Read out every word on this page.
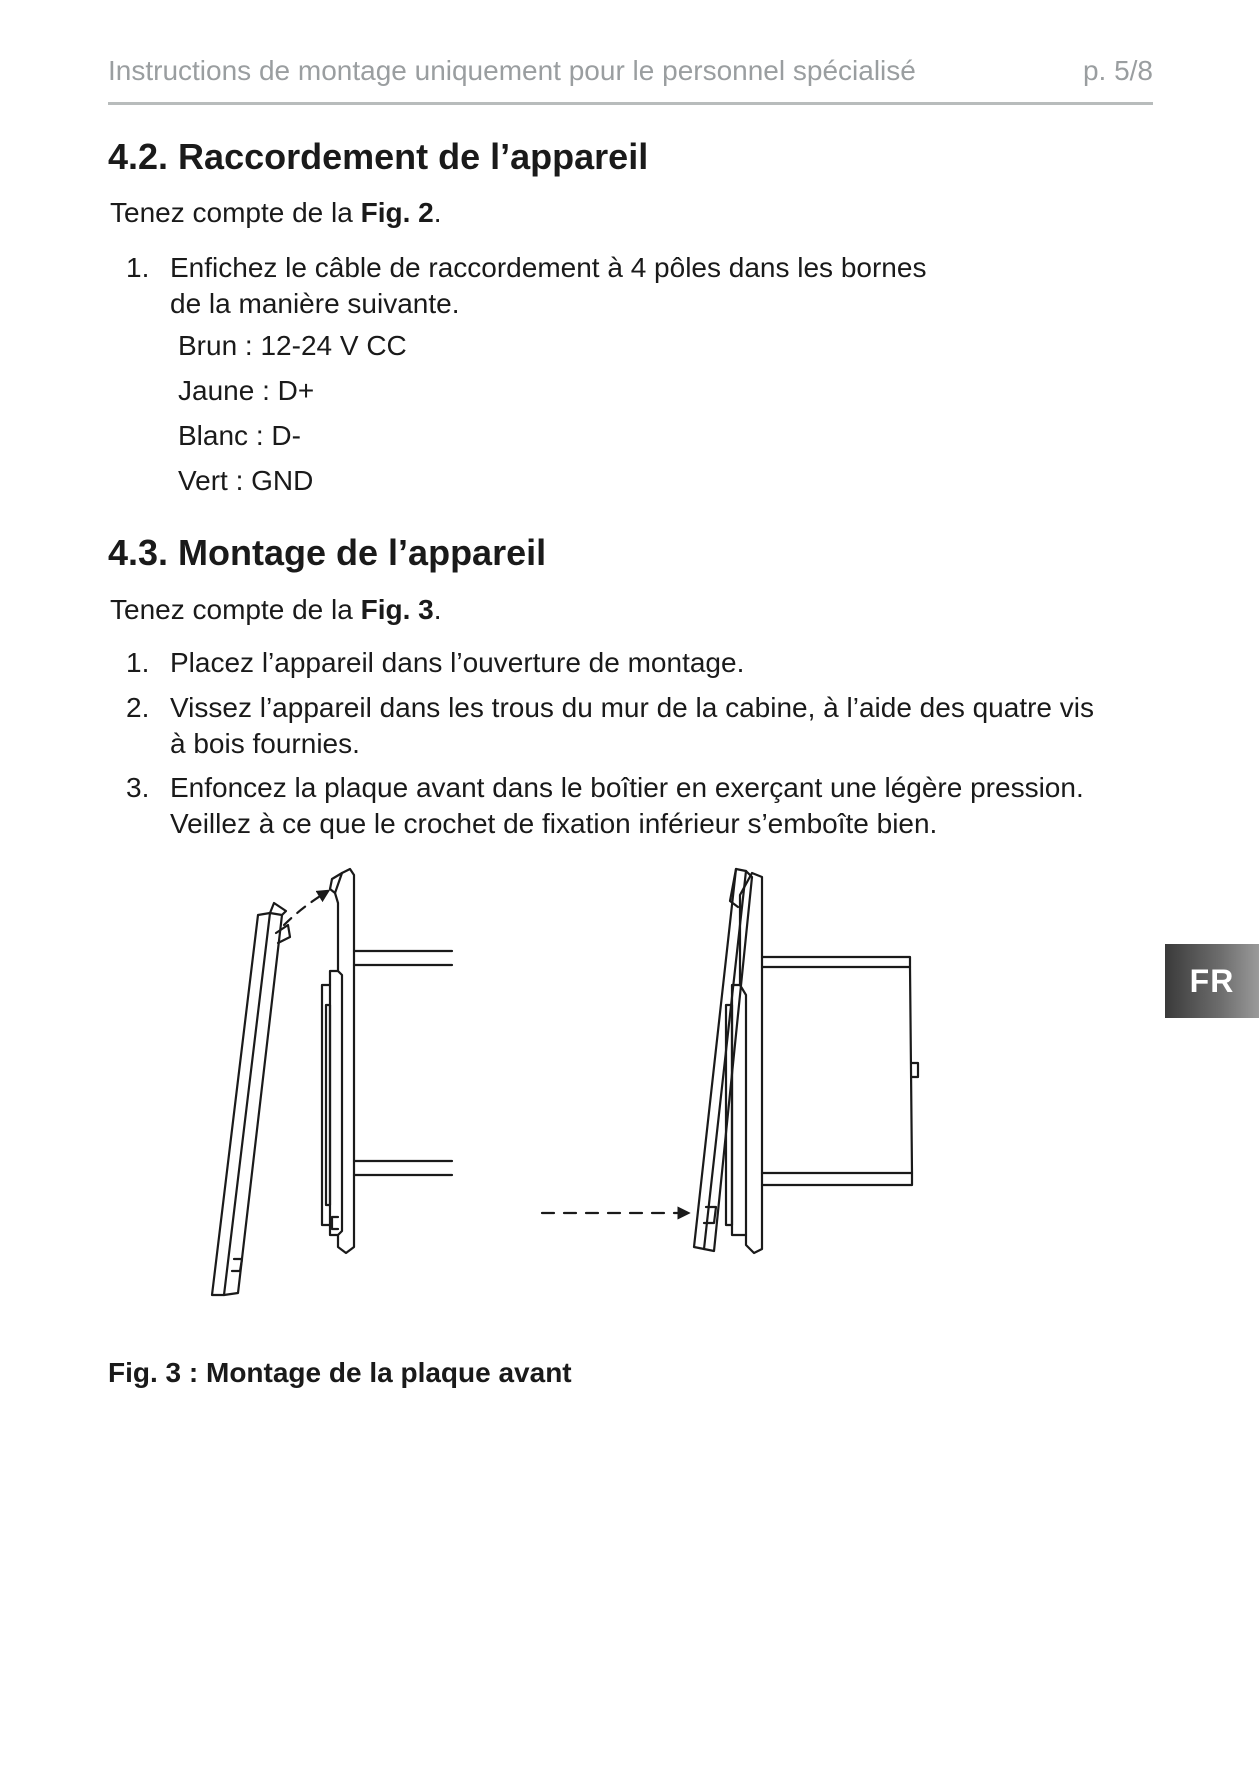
Instructions de montage uniquement pour le personnel spécialisé	p. 5/8
4.2. Raccordement de l’appareil

Tenez compte de la Fig. 2.

1. Enfichez le câble de raccordement à 4 pôles dans les bornes
de la manière suivante.
Brun : 12-24 V CC
Jaune : D+
Blanc : D-
Vert : GND
4.3. Montage de l’appareil

Tenez compte de la Fig. 3.

1. Placez l’appareil dans l’ouverture de montage.
2. Vissez l’appareil dans les trous du mur de la cabine, à l’aide des quatre vis
à bois fournies.
3. Enfoncez la plaque avant dans le boîtier en exerçant une légère pression.
Veillez à ce que le crochet de fixation inférieur s’emboîte bien.
Fig. 3 : Montage de la plaque avant
FR
